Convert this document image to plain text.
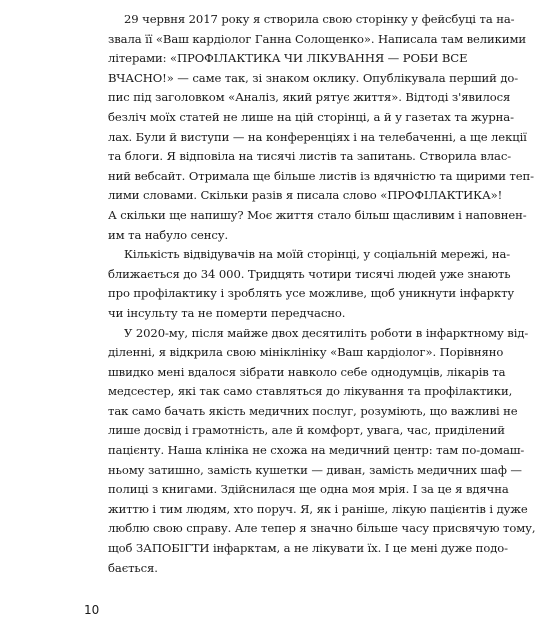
29 червня 2017 року я створила свою сторінку у фейсбуці та на-
звала її «Ваш кардіолог Ганна Солощенко». Написала там великими
літерами: «ПРОФІЛАКТИКА ЧИ ЛІКУВАННЯ — РОБИ ВСЕ
ВЧАСНО!» — саме так, зі знаком оклику. Опублікувала перший до-
пис під заголовком «Аналіз, який рятує життя». Відтоді з'явилося
безліч моїх статей не лише на цій сторінці, а й у газетах та журна-
лах. Були й виступи — на конференціях і на телебаченні, а ще лекції
та блоги. Я відповіла на тисячі листів та запитань. Створила влас-
ний вебсайт. Отримала ще більше листів із вдячністю та щирими теп-
лими словами. Скільки разів я писала слово «ПРОФІЛАКТИКА»!
А скільки ще напишу? Моє життя стало більш щасливим і наповнен-
им та набуло сенсу.
Кількість відвідувачів на моїй сторінці, у соціальній мережі, на-
ближається до 34 000. Тридцять чотири тисячі людей уже знають
про профілактику і зроблять усе можливе, щоб уникнути інфаркту
чи інсульту та не померти передчасно.
У 2020-му, після майже двох десятиліть роботи в інфарктному від-
діленні, я відкрила свою мініклініку «Ваш кардіолог». Порівняно
швидко мені вдалося зібрати навколо себе однодумців, лікарів та
медсестер, які так само ставляться до лікування та профілактики,
так само бачать якість медичних послуг, розуміють, що важливі не
лише досвід і грамотність, але й комфорт, увага, час, приділений
пацієнту. Наша клініка не схожа на медичний центр: там по-домаш-
ньому затишно, замість кушетки — диван, замість медичних шаф —
полиці з книгами. Здійснилася ще одна моя мрія. І за це я вдячна
життю і тим людям, хто поруч. Я, як і раніше, лікую пацієнтів і дуже
люблю свою справу. Але тепер я значно більше часу присвячую тому,
щоб ЗАПОБІГТИ інфарктам, а не лікувати їх. І це мені дуже подо-
бається.
10
